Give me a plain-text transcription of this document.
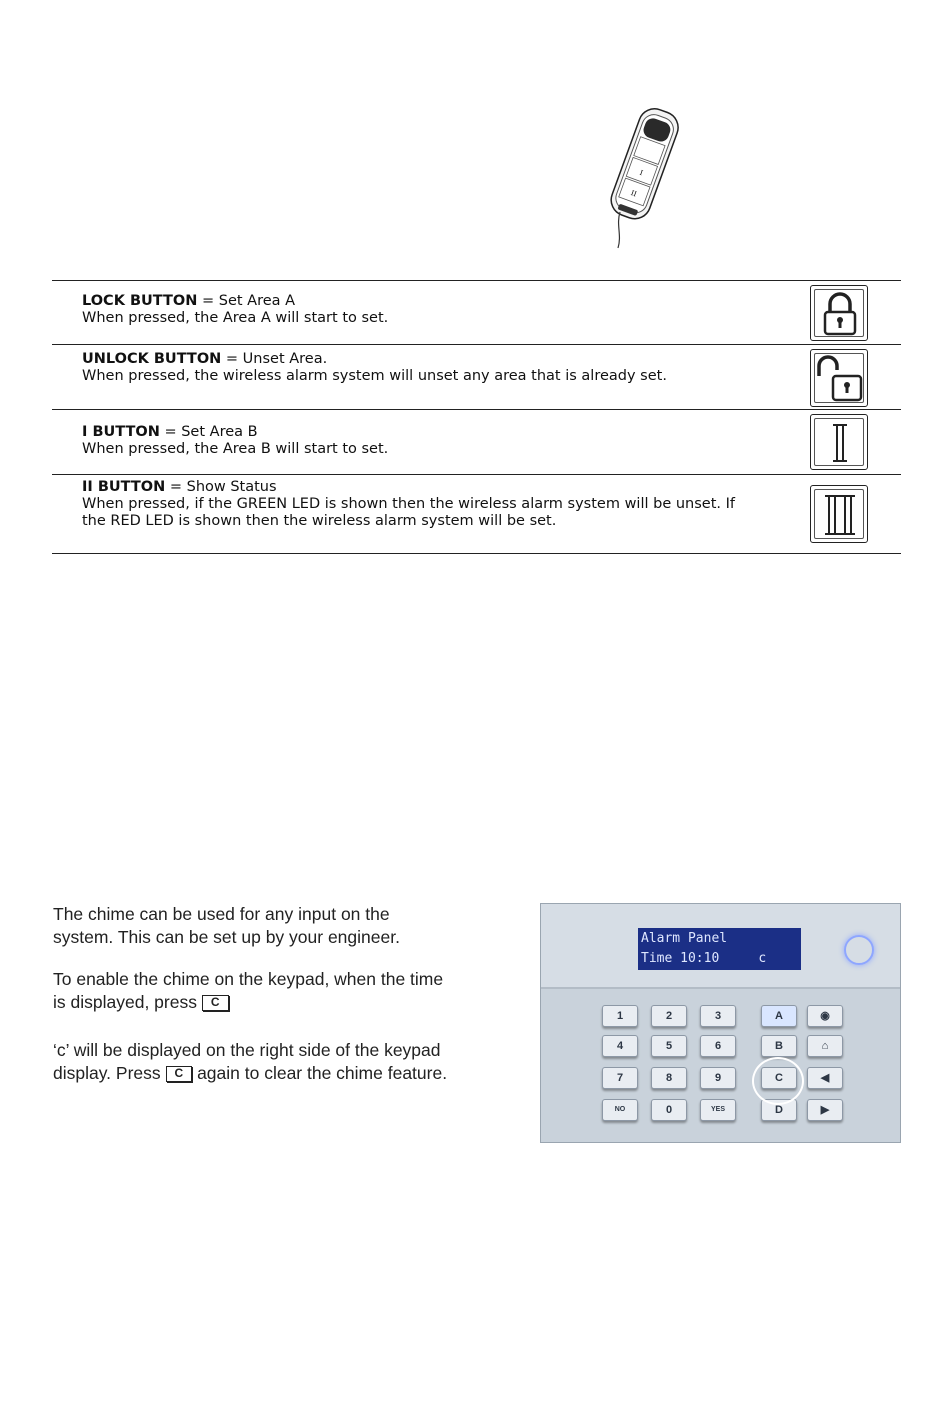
I
II
LOCK BUTTON = Set Area A
When pressed, the Area A will start to set.
UNLOCK BUTTON = Unset Area.
When pressed, the wireless alarm system will unset any area that is already set.
I BUTTON = Set Area B
When pressed, the Area B will start to set.
II BUTTON = Show Status
When pressed, if the GREEN LED is shown then the wireless alarm system will be unset. If the RED LED is shown then the wireless alarm system will be set.

The chime can be used for any input on the system. This can be set up by your engineer.

To enable the chime on the keypad, when the time is displayed, press C

‘c’ will be displayed on the right side of the keypad display. Press C again to clear the chime feature.

Alarm Panel
Time 10:10     c
1	2	3
4	5	6
7	8	9
NO	0	YES
A
B
C
D
◉
⌂
◀
▶
